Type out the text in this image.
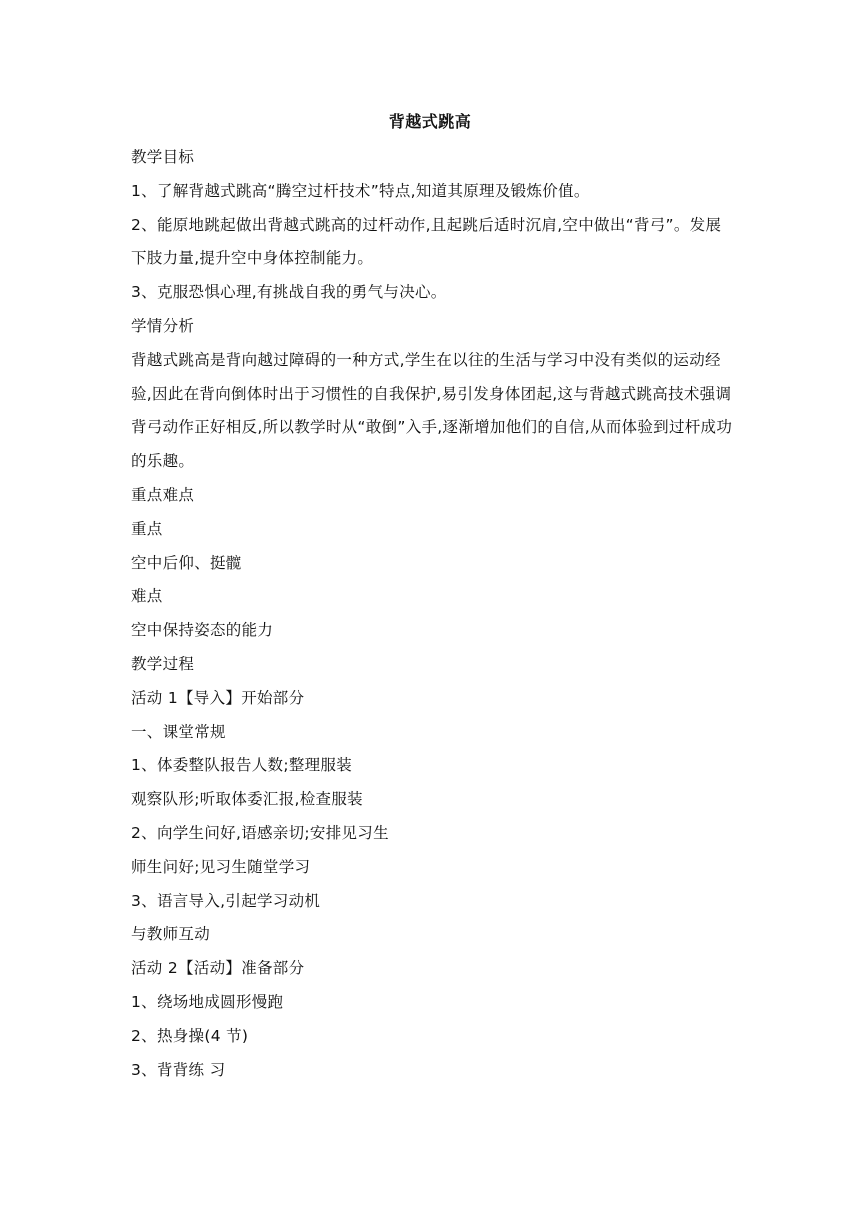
背越式跳高

教学目标

1、了解背越式跳高“腾空过杆技术”特点,知道其原理及锻炼价值。

2、能原地跳起做出背越式跳高的过杆动作,且起跳后适时沉肩,空中做出“背弓”。发展下肢力量,提升空中身体控制能力。

3、克服恐惧心理,有挑战自我的勇气与决心。

学情分析

背越式跳高是背向越过障碍的一种方式,学生在以往的生活与学习中没有类似的运动经验,因此在背向倒体时出于习惯性的自我保护,易引发身体团起,这与背越式跳高技术强调背弓动作正好相反,所以教学时从“敢倒”入手,逐渐增加他们的自信,从而体验到过杆成功的乐趣。

重点难点

重点

空中后仰、挺髋

难点

空中保持姿态的能力

教学过程

活动 1【导入】开始部分

一、课堂常规

1、体委整队报告人数;整理服装

观察队形;听取体委汇报,检查服装

2、向学生问好,语感亲切;安排见习生

师生问好;见习生随堂学习

3、语言导入,引起学习动机

与教师互动

活动 2【活动】准备部分

1、绕场地成圆形慢跑

2、热身操(4 节)

3、背背练 习
